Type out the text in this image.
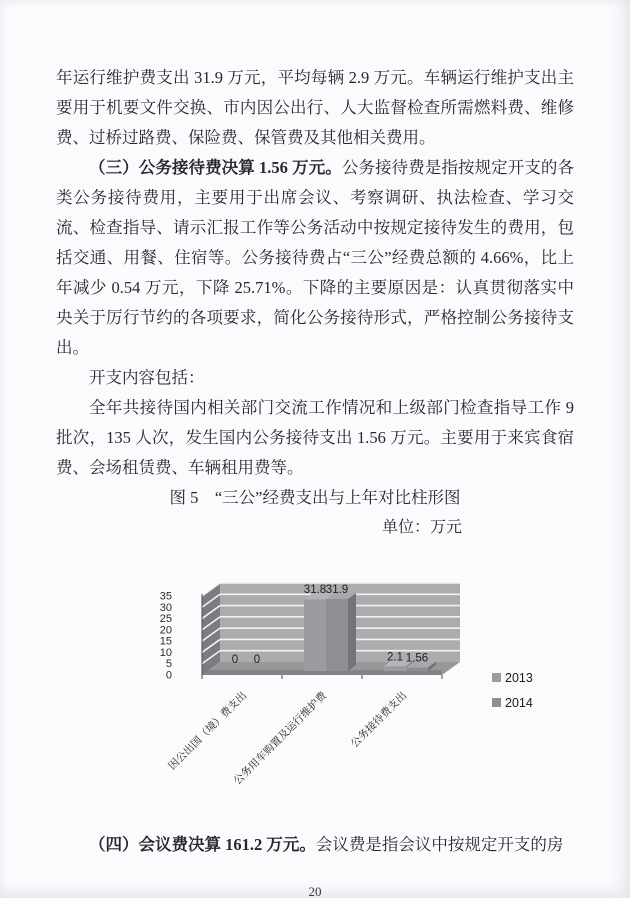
年运行维护费支出 31.9 万元，平均每辆 2.9 万元。车辆运行维护支出主要用于机要文件交换、市内因公出行、人大监督检查所需燃料费、维修费、过桥过路费、保险费、保管费及其他相关费用。

（三）公务接待费决算 1.56 万元。公务接待费是指按规定开支的各类公务接待费用，主要用于出席会议、考察调研、执法检查、学习交流、检查指导、请示汇报工作等公务活动中按规定接待发生的费用，包括交通、用餐、住宿等。公务接待费占“三公”经费总额的 4.66%，比上年减少 0.54 万元，下降 25.71%。下降的主要原因是：认真贯彻落实中央关于厉行节约的各项要求，简化公务接待形式，严格控制公务接待支出。

开支内容包括：

全年共接待国内相关部门交流工作情况和上级部门检查指导工作 9 批次，135 人次，发生国内公务接待支出 1.56 万元。主要用于来宾食宿费、会场租赁费、车辆租用费等。

图 5　“三公”经费支出与上年对比柱形图

单位：万元

0
5
10
15
20
25
30
35
0 0
31.8 31.9
2.1 1.56
因公出国（境）费支出
公务用车购置及运行维护费 公务接待费支出
2013
2014

（四）会议费决算 161.2 万元。会议费是指会议中按规定开支的房

20
